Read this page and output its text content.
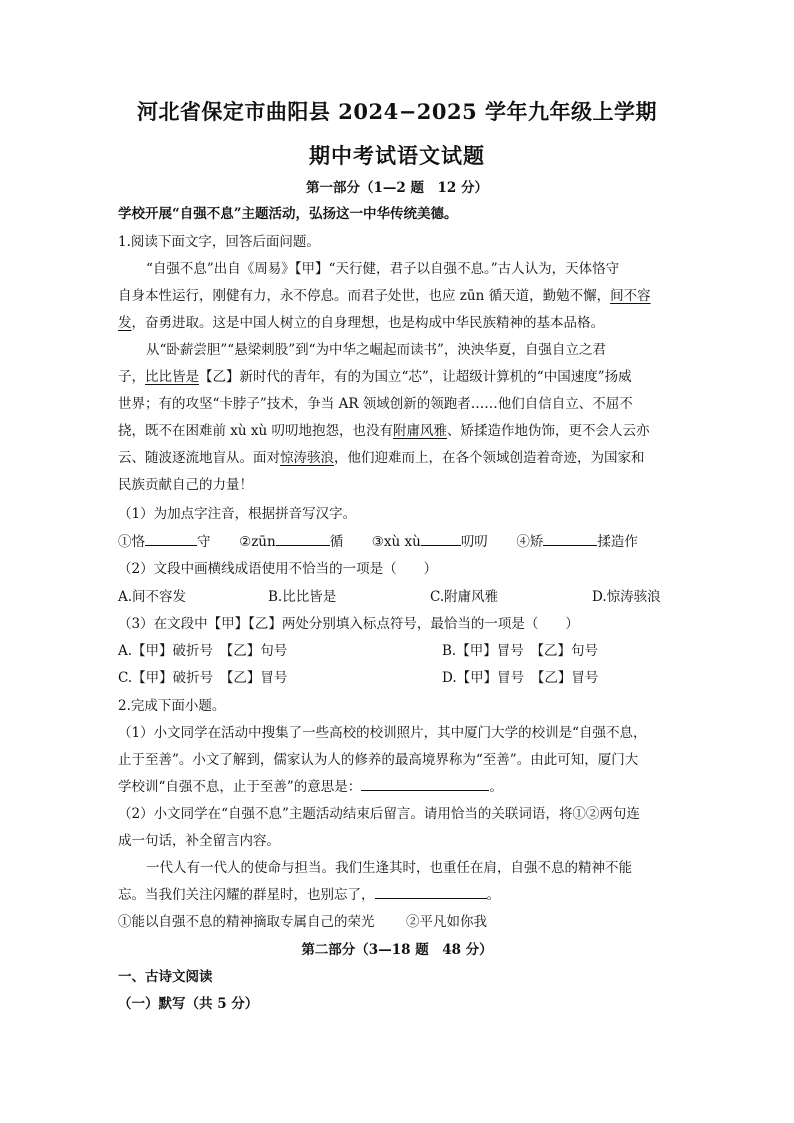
河北省保定市曲阳县 2024−2025 学年九年级上学期
期中考试语文试题
第一部分（1—2 题　12 分）
学校开展“自强不息”主题活动，弘扬这一中华传统美德。
1.阅读下面文字，回答后面问题。
“自强不息”出自《周易》【甲】“天行健，君子以自强不息。”古人认为，天体恪守
自身本性运行，刚健有力，永不停息。而君子处世，也应 zūn 循天道，勤勉不懈，间不容
发，奋勇进取。这是中国人树立的自身理想，也是构成中华民族精神的基本品格。
从“卧薪尝胆”“悬梁刺股”到“为中华之崛起而读书”，泱泱华夏，自强自立之君
子，比比皆是【乙】新时代的青年，有的为国立“芯”，让超级计算机的“中国速度”扬威
世界；有的攻坚“卡脖子”技术，争当 AR 领域创新的领跑者……他们自信自立、不屈不
挠，既不在困难前 xù xù 叨叨地抱怨，也没有附庸风雅、矫揉造作地伪饰，更不会人云亦
云、随波逐流地盲从。面对惊涛骇浪，他们迎难而上，在各个领域创造着奇迹，为国家和
民族贡献自己的力量！
（1）为加点字注音，根据拼音写汉字。
①恪	守 ②zūn	循 ③xù xù	叨叨 ④矫	揉造作
（2）文段中画横线成语使用不恰当的一项是（　　）
A.间不容发	B.比比皆是	C.附庸风雅	D.惊涛骇浪
（3）在文段中【甲】【乙】两处分别填入标点符号，最恰当的一项是（　　）
A.【甲】破折号　【乙】句号	B.【甲】冒号　【乙】句号
C.【甲】破折号　【乙】冒号	D.【甲】冒号　【乙】冒号
2.完成下面小题。
（1）小文同学在活动中搜集了一些高校的校训照片，其中厦门大学的校训是“自强不息，
止于至善”。小文了解到，儒家认为人的修养的最高境界称为“至善”。由此可知，厦门大
学校训“自强不息，止于至善”的意思是：	。
（2）小文同学在“自强不息”主题活动结束后留言。请用恰当的关联词语，将①②两句连
成一句话，补全留言内容。
一代人有一代人的使命与担当。我们生逢其时，也重任在肩，自强不息的精神不能
忘。当我们关注闪耀的群星时，也别忘了，	。
①能以自强不息的精神摘取专属自己的荣光 ②平凡如你我
第二部分（3—18 题　48 分）
一、古诗文阅读
（一）默写（共 5 分）
